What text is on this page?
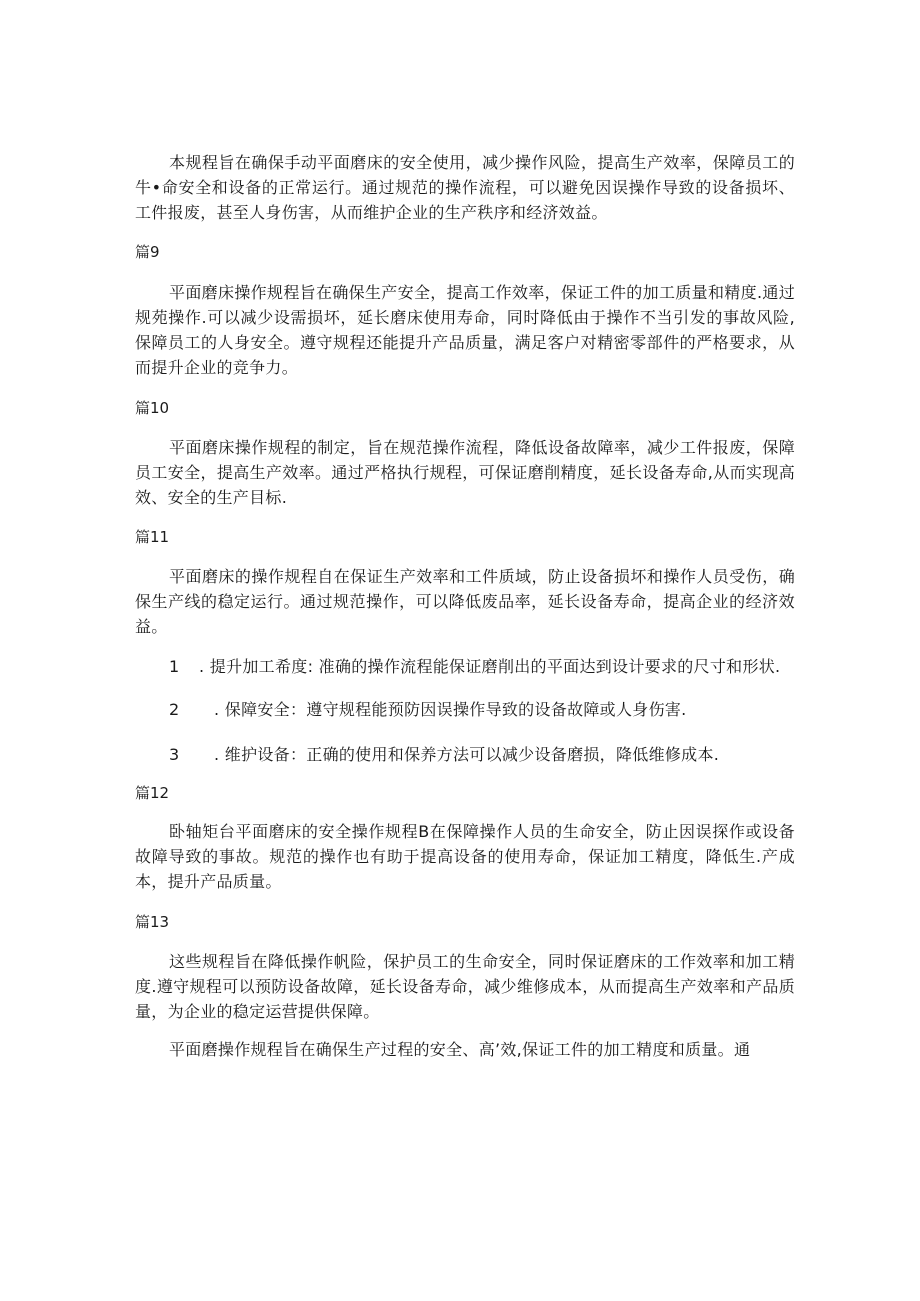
本规程旨在确保手动平面磨床的安全使用，减少操作风险，提高生产效率，保障员工的牛•命安全和设备的正常运行。通过规范的操作流程，可以避免因误操作导致的设备损坏、工件报废，甚至人身伤害，从而维护企业的生产秩序和经济效益。

篇9

平面磨床操作规程旨在确保生产安全，提高工作效率，保证工件的加工质量和精度.通过规苑操作.可以减少设需损坏，延长磨床使用寿命，同时降低由于操作不当引发的事故风险,保障员工的人身安全。遵守规程还能提升产品质量，满足客户对精密零部件的严格要求，从而提升企业的竞争力。

篇10

平面磨床操作规程的制定，旨在规范操作流程，降低设备故障率，减少工件报废，保障员工安全，提高生产效率。通过严格执行规程，可保证磨削精度，延长设备寿命,从而实现高效、安全的生产目标.

篇11

平面磨床的操作规程自在保证生产效率和工件质域，防止设备损坏和操作人员受伤，确保生产线的稳定运行。通过规范操作，可以降低废品率，延长设备寿命，提高企业的经济效益。

1	. 提升加工希度: 准确的操作流程能保证磨削出的平面达到设计要求的尺寸和形状.
2	. 保障安全：遵守规程能预防因误操作导致的设备故障或人身伤害.
3	. 维护设备：正确的使用和保养方法可以减少设备磨损，降低维修成本.

篇12

卧轴矩台平面磨床的安全操作规程B在保障操作人员的生命安全，防止因误探作或设备故障导致的事故。规范的操作也有助于提高设备的使用寿命，保证加工精度，降低生.产成本，提升产品质量。

篇13

这些规程旨在降低操作帆险，保护员工的生命安全，同时保证磨床的工作效率和加工精度.遵守规程可以预防设备故障，延长设备寿命，减少维修成本，从而提高生产效率和产品质量，为企业的稳定运营提供保障。

平面磨操作规程旨在确保生产过程的安全、高’效,保证工件的加工精度和质量。通
